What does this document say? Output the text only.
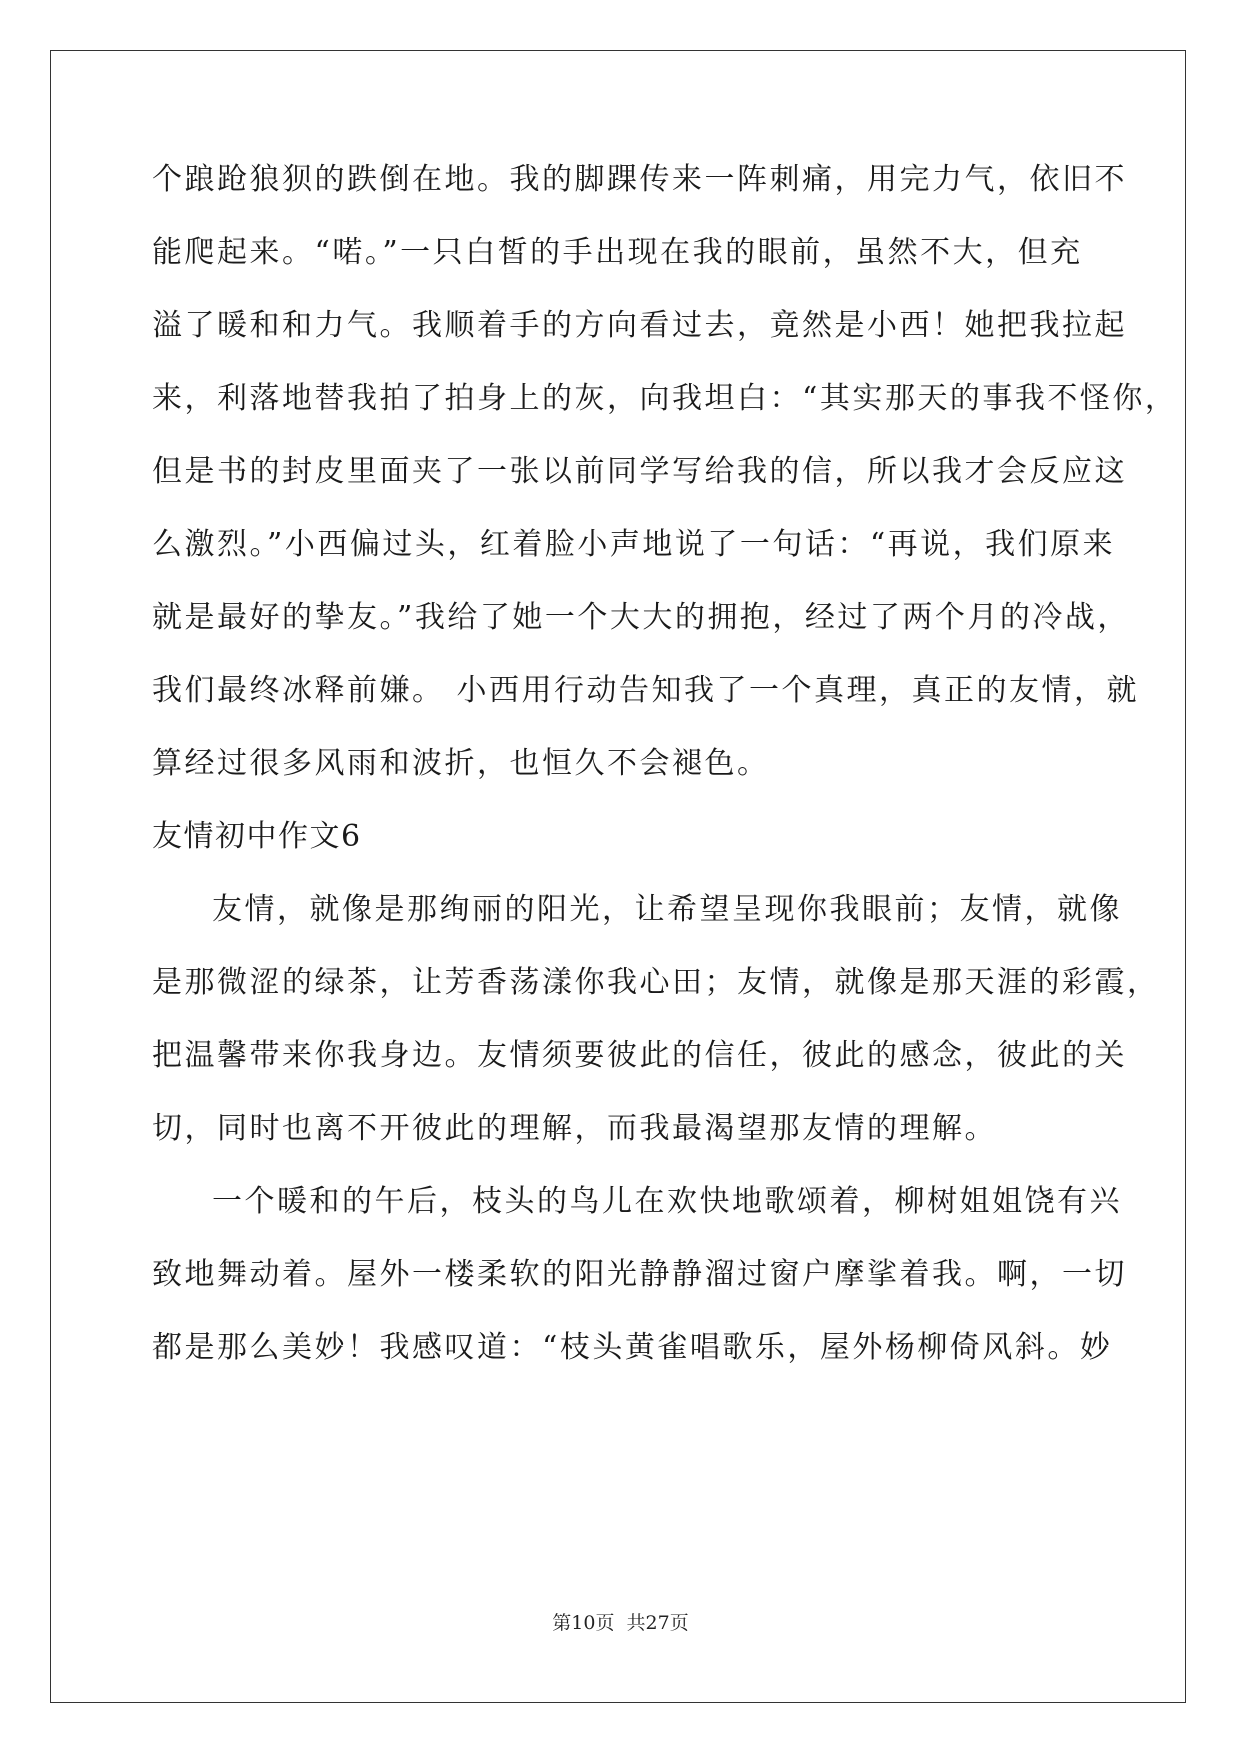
个踉跄狼狈的跌倒在地。我的脚踝传来一阵刺痛，用完力气，依旧不
能爬起来。“喏。”一只白皙的手出现在我的眼前，虽然不大，但充
溢了暖和和力气。我顺着手的方向看过去，竟然是小西！她把我拉起
来，利落地替我拍了拍身上的灰，向我坦白：“其实那天的事我不怪你，
但是书的封皮里面夹了一张以前同学写给我的信，所以我才会反应这
么激烈。”小西偏过头，红着脸小声地说了一句话：“再说，我们原来
就是最好的挚友。”我给了她一个大大的拥抱，经过了两个月的冷战，
我们最终冰释前嫌。 小西用行动告知我了一个真理，真正的友情，就
算经过很多风雨和波折，也恒久不会褪色。
友情初中作文6
友情，就像是那绚丽的阳光，让希望呈现你我眼前；友情，就像
是那微涩的绿茶，让芳香荡漾你我心田；友情，就像是那天涯的彩霞，
把温馨带来你我身边。友情须要彼此的信任，彼此的感念，彼此的关
切，同时也离不开彼此的理解，而我最渴望那友情的理解。
一个暖和的午后，枝头的鸟儿在欢快地歌颂着，柳树姐姐饶有兴
致地舞动着。屋外一楼柔软的阳光静静溜过窗户摩挲着我。啊，一切
都是那么美妙！我感叹道：“枝头黄雀唱歌乐，屋外杨柳倚风斜。妙
第10页  共27页
